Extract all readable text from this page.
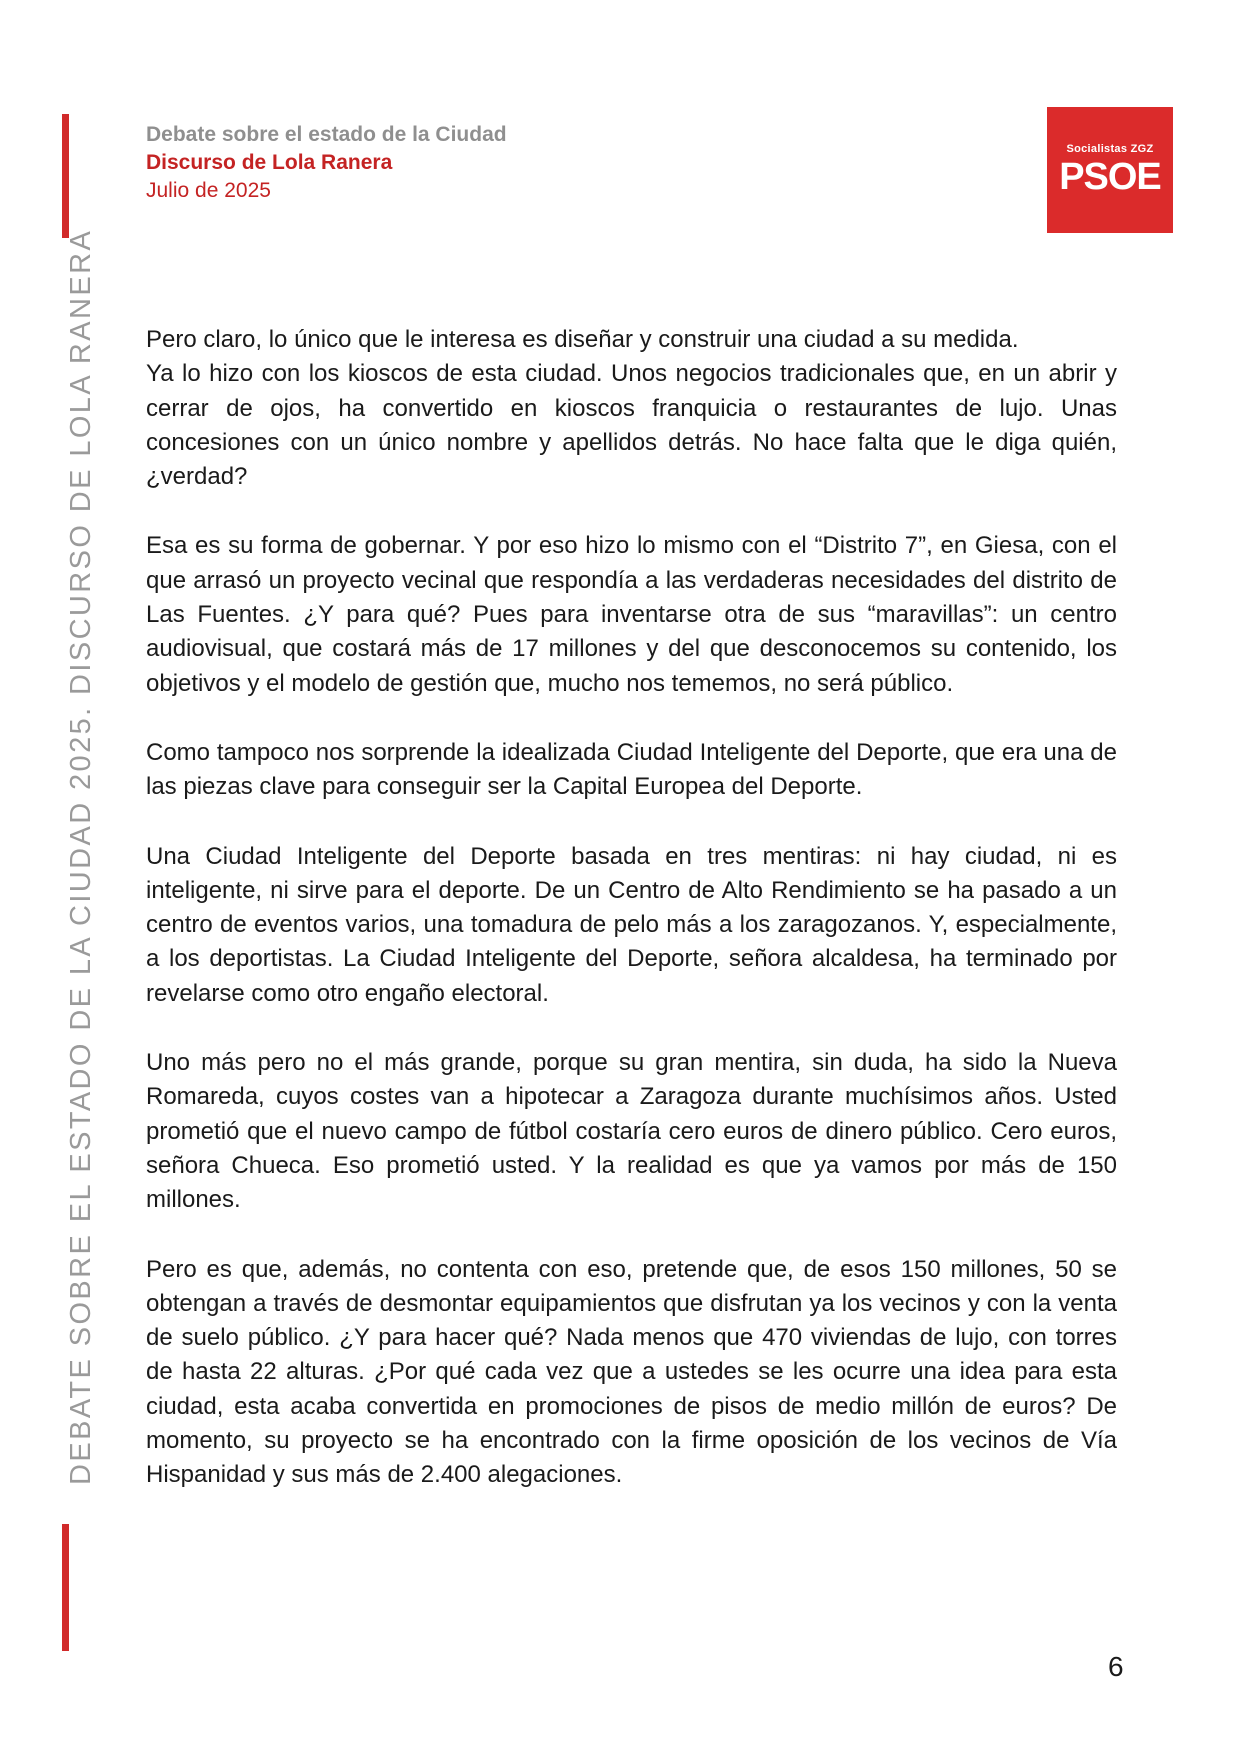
DEBATE SOBRE EL ESTADO DE LA CIUDAD 2025. DISCURSO DE LOLA RANERA
Debate sobre el estado de la Ciudad
Discurso de Lola Ranera
Julio de 2025
Socialistas ZGZ
PSOE

Pero claro, lo único que le interesa es diseñar y construir una ciudad a su medida.

Ya lo hizo con los kioscos de esta ciudad. Unos negocios tradicionales que, en un abrir y cerrar de ojos, ha convertido en kioscos franquicia o restaurantes de lujo. Unas concesiones con un único nombre y apellidos detrás. No hace falta que le diga quién, ¿verdad?

Esa es su forma de gobernar. Y por eso hizo lo mismo con el “Distrito 7”, en Giesa, con el que arrasó un proyecto vecinal que respondía a las verdaderas necesidades del distrito de Las Fuentes. ¿Y para qué? Pues para inventarse otra de sus “maravillas”: un centro audiovisual, que costará más de 17 millones y del que desconocemos su contenido, los objetivos y el modelo de gestión que, mucho nos tememos, no será público.

Como tampoco nos sorprende la idealizada Ciudad Inteligente del Deporte, que era una de las piezas clave para conseguir ser la Capital Europea del Deporte.

Una Ciudad Inteligente del Deporte basada en tres mentiras: ni hay ciudad, ni es inteligente, ni sirve para el deporte. De un Centro de Alto Rendimiento se ha pasado a un centro de eventos varios, una tomadura de pelo más a los zaragozanos. Y, especialmente, a los deportistas. La Ciudad Inteligente del Deporte, señora alcaldesa, ha terminado por revelarse como otro engaño electoral.

Uno más pero no el más grande, porque su gran mentira, sin duda, ha sido la Nueva Romareda, cuyos costes van a hipotecar a Zaragoza durante muchísimos años. Usted prometió que el nuevo campo de fútbol costaría cero euros de dinero público. Cero euros, señora Chueca. Eso prometió usted. Y la realidad es que ya vamos por más de 150 millones.

Pero es que, además, no contenta con eso, pretende que, de esos 150 millones, 50 se obtengan a través de desmontar equipamientos que disfrutan ya los vecinos y con la venta de suelo público. ¿Y para hacer qué? Nada menos que 470 viviendas de lujo, con torres de hasta 22 alturas. ¿Por qué cada vez que a ustedes se les ocurre una idea para esta ciudad, esta acaba convertida en promociones de pisos de medio millón de euros? De momento, su proyecto se ha encontrado con la firme oposición de los vecinos de Vía Hispanidad y sus más de 2.400 alegaciones.

6
